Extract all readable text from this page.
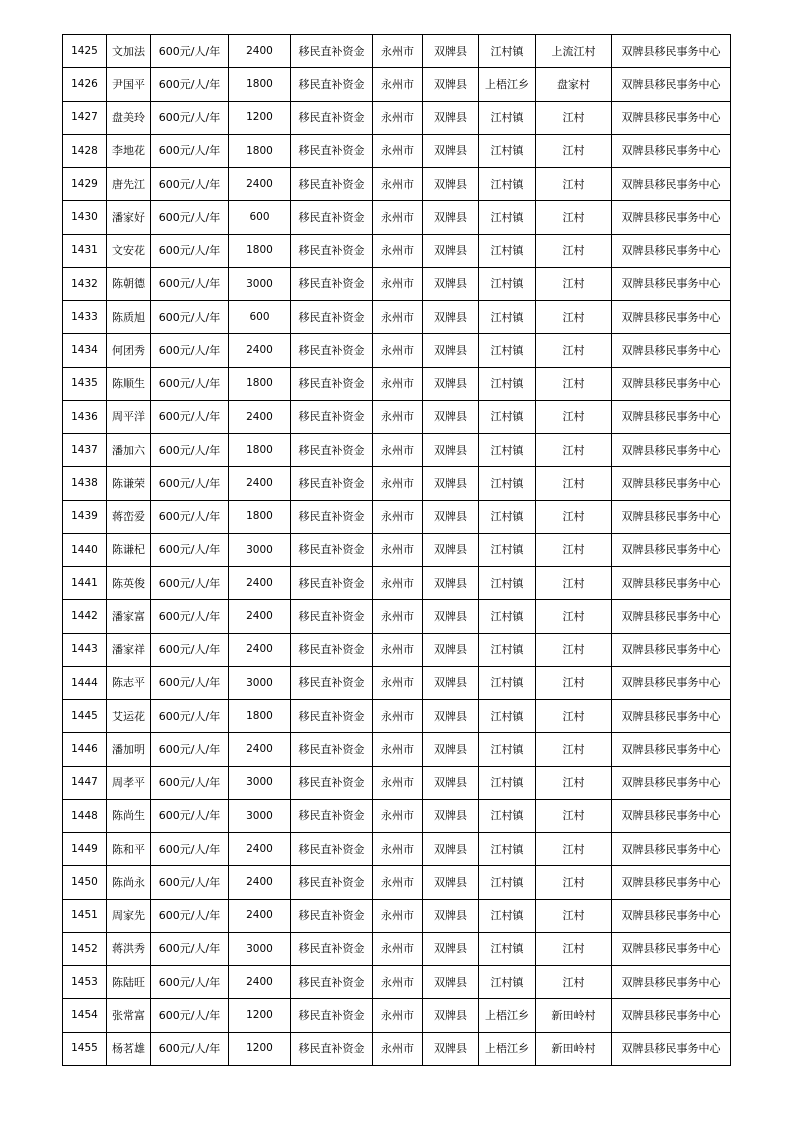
1425	文加法	600元/人/年	2400	移民直补资金	永州市	双牌县	江村镇	上流江村	双牌县移民事务中心
1426	尹国平	600元/人/年	1800	移民直补资金	永州市	双牌县	上梧江乡	盘家村	双牌县移民事务中心
1427	盘美玲	600元/人/年	1200	移民直补资金	永州市	双牌县	江村镇	江村	双牌县移民事务中心
1428	李地花	600元/人/年	1800	移民直补资金	永州市	双牌县	江村镇	江村	双牌县移民事务中心
1429	唐先江	600元/人/年	2400	移民直补资金	永州市	双牌县	江村镇	江村	双牌县移民事务中心
1430	潘家好	600元/人/年	600	移民直补资金	永州市	双牌县	江村镇	江村	双牌县移民事务中心
1431	文安花	600元/人/年	1800	移民直补资金	永州市	双牌县	江村镇	江村	双牌县移民事务中心
1432	陈朝德	600元/人/年	3000	移民直补资金	永州市	双牌县	江村镇	江村	双牌县移民事务中心
1433	陈质旭	600元/人/年	600	移民直补资金	永州市	双牌县	江村镇	江村	双牌县移民事务中心
1434	何团秀	600元/人/年	2400	移民直补资金	永州市	双牌县	江村镇	江村	双牌县移民事务中心
1435	陈顺生	600元/人/年	1800	移民直补资金	永州市	双牌县	江村镇	江村	双牌县移民事务中心
1436	周平洋	600元/人/年	2400	移民直补资金	永州市	双牌县	江村镇	江村	双牌县移民事务中心
1437	潘加六	600元/人/年	1800	移民直补资金	永州市	双牌县	江村镇	江村	双牌县移民事务中心
1438	陈谦荣	600元/人/年	2400	移民直补资金	永州市	双牌县	江村镇	江村	双牌县移民事务中心
1439	蒋峦爱	600元/人/年	1800	移民直补资金	永州市	双牌县	江村镇	江村	双牌县移民事务中心
1440	陈谦杞	600元/人/年	3000	移民直补资金	永州市	双牌县	江村镇	江村	双牌县移民事务中心
1441	陈英俊	600元/人/年	2400	移民直补资金	永州市	双牌县	江村镇	江村	双牌县移民事务中心
1442	潘家富	600元/人/年	2400	移民直补资金	永州市	双牌县	江村镇	江村	双牌县移民事务中心
1443	潘家祥	600元/人/年	2400	移民直补资金	永州市	双牌县	江村镇	江村	双牌县移民事务中心
1444	陈志平	600元/人/年	3000	移民直补资金	永州市	双牌县	江村镇	江村	双牌县移民事务中心
1445	艾运花	600元/人/年	1800	移民直补资金	永州市	双牌县	江村镇	江村	双牌县移民事务中心
1446	潘加明	600元/人/年	2400	移民直补资金	永州市	双牌县	江村镇	江村	双牌县移民事务中心
1447	周孝平	600元/人/年	3000	移民直补资金	永州市	双牌县	江村镇	江村	双牌县移民事务中心
1448	陈尚生	600元/人/年	3000	移民直补资金	永州市	双牌县	江村镇	江村	双牌县移民事务中心
1449	陈和平	600元/人/年	2400	移民直补资金	永州市	双牌县	江村镇	江村	双牌县移民事务中心
1450	陈尚永	600元/人/年	2400	移民直补资金	永州市	双牌县	江村镇	江村	双牌县移民事务中心
1451	周家先	600元/人/年	2400	移民直补资金	永州市	双牌县	江村镇	江村	双牌县移民事务中心
1452	蒋洪秀	600元/人/年	3000	移民直补资金	永州市	双牌县	江村镇	江村	双牌县移民事务中心
1453	陈陆旺	600元/人/年	2400	移民直补资金	永州市	双牌县	江村镇	江村	双牌县移民事务中心
1454	张常富	600元/人/年	1200	移民直补资金	永州市	双牌县	上梧江乡	新田岭村	双牌县移民事务中心
1455	杨茗雄	600元/人/年	1200	移民直补资金	永州市	双牌县	上梧江乡	新田岭村	双牌县移民事务中心
